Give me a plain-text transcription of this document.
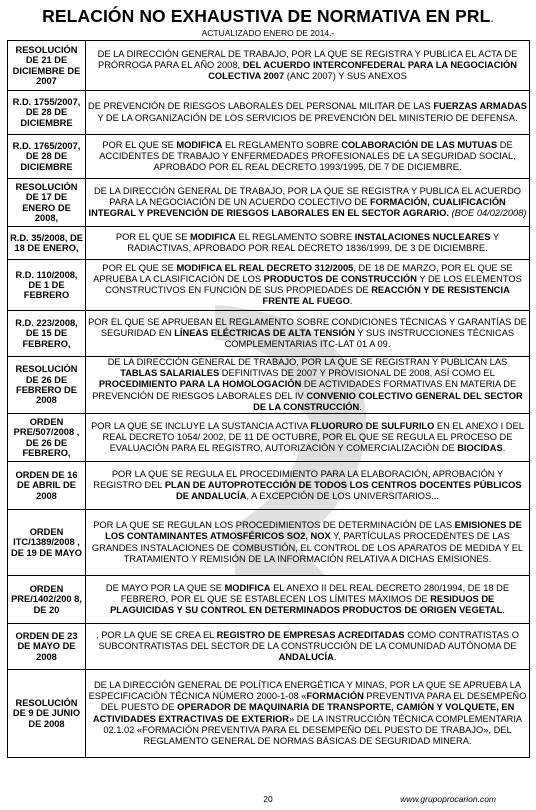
RELACIÓN NO EXHAUSTIVA DE NORMATIVA EN PRL.
ACTUALIZADO ENERO DE 2014.-
RESOLUCIÓN DE 21 DE DICIEMBRE DE 2007	DE LA DIRECCIÓN GENERAL DE TRABAJO, POR LA QUE SE REGISTRA Y PUBLICA EL ACTA DE PRÓRROGA PARA EL AÑO 2008, DEL ACUERDO INTERCONFEDERAL PARA LA NEGOCIACIÓN COLECTIVA 2007 (ANC 2007) Y SUS ANEXOS
R.D. 1755/2007, DE 28 DE DICIEMBRE	DE PREVENCIÓN DE RIESGOS LABORALES DEL PERSONAL MILITAR DE LAS FUERZAS ARMADAS Y DE LA ORGANIZACIÓN DE LOS SERVICIOS DE PREVENCIÓN DEL MINISTERIO DE DEFENSA.
R.D. 1765/2007, DE 28 DE DICIEMBRE	POR EL QUE SE MODIFICA EL REGLAMENTO SOBRE COLABORACIÓN DE LAS MUTUAS DE ACCIDENTES DE TRABAJO Y ENFERMEDADES PROFESIONALES DE LA SEGURIDAD SOCIAL, APROBADO POR EL REAL DECRETO 1993/1995, DE 7 DE DICIEMBRE.
RESOLUCIÓN DE 17 DE ENERO DE 2008,	DE LA DIRECCIÓN GENERAL DE TRABAJO, POR LA QUE SE REGISTRA Y PUBLICA EL ACUERDO PARA LA NEGOCIACIÓN DE UN ACUERDO COLECTIVO DE FORMACIÓN, CUALIFICACIÓN INTEGRAL Y PREVENCIÓN DE RIESGOS LABORALES EN EL SECTOR AGRARIO. (BOE 04/02/2008)
R.D. 35/2008, DE 18 DE ENERO,	POR EL QUE SE MODIFICA EL REGLAMENTO SOBRE INSTALACIONES NUCLEARES Y RADIACTIVAS, APROBADO POR REAL DECRETO 1836/1999, DE 3 DE DICIEMBRE.
R.D. 110/2008, DE 1 DE FEBRERO	POR EL QUE SE MODIFICA EL REAL DECRETO 312/2005, DE 18 DE MARZO, POR EL QUE SE APRUEBA LA CLASIFICACIÓN DE LOS PRODUCTOS DE CONSTRUCCIÓN Y DE LOS ELEMENTOS CONSTRUCTIVOS EN FUNCIÓN DE SUS PROPIEDADES DE REACCIÓN Y DE RESISTENCIA FRENTE AL FUEGO.
R.D. 223/2008, DE 15 DE FEBRERO,	POR EL QUE SE APRUEBAN EL REGLAMENTO SOBRE CONDICIONES TÉCNICAS Y GARANTÍAS DE SEGURIDAD EN LÍNEAS ELÉCTRICAS DE ALTA TENSIÓN Y SUS INSTRUCCIONES TÉCNICAS COMPLEMENTARIAS ITC-LAT 01 A 09.
RESOLUCIÓN DE 26 DE FEBRERO DE 2008	DE LA DIRECCIÓN GENERAL DE TRABAJO, POR LA QUE SE REGISTRAN Y PUBLICAN LAS TABLAS SALARIALES DEFINITIVAS DE 2007 Y PROVISIONAL DE 2008, ASÍ COMO EL PROCEDIMIENTO PARA LA HOMOLOGACIÓN DE ACTIVIDADES FORMATIVAS EN MATERIA DE PREVENCIÓN DE RIESGOS LABORALES DEL IV CONVENIO COLECTIVO GENERAL DEL SECTOR DE LA CONSTRUCCIÓN.
ORDEN PRE/507/2008 , DE 26 DE FEBRERO,	POR LA QUE SE INCLUYE LA SUSTANCIA ACTIVA FLUORURO DE SULFURILO EN EL ANEXO I DEL REAL DECRETO 1054/ 2002, DE 11 DE OCTUBRE, POR EL QUE SE REGULA EL PROCESO DE EVALUACIÓN PARA EL REGISTRO, AUTORIZACIÓN Y COMERCIALIZACIÓN DE BIOCIDAS.
ORDEN DE 16 DE ABRIL DE 2008	POR LA QUE SE REGULA EL PROCEDIMIENTO PARA LA ELABORACIÓN, APROBACIÓN Y REGISTRO DEL PLAN DE AUTOPROTECCIÓN DE TODOS LOS CENTROS DOCENTES PÚBLICOS DE ANDALUCÍA, A EXCEPCIÓN DE LOS UNIVERSITARIOS...
ORDEN ITC/1389/2008 , DE 19 DE MAYO	POR LA QUE SE REGULAN LOS PROCEDIMIENTOS DE DETERMINACIÓN DE LAS EMISIONES DE LOS CONTAMINANTES ATMOSFÉRICOS SO2, NOX Y, PARTÍCULAS PROCEDENTES DE LAS GRANDES INSTALACIONES DE COMBUSTIÓN, EL CONTROL DE LOS APARATOS DE MEDIDA Y EL TRATAMIENTO Y REMISIÓN DE LA INFORMACIÓN RELATIVA A DICHAS EMISIONES.
ORDEN PRE/1402/200 8, DE 20	DE MAYO POR LA QUE SE MODIFICA EL ANEXO II DEL REAL DECRETO 280/1994, DE 18 DE FEBRERO, POR EL QUE SE ESTABLECEN LOS LÍMITES MÁXIMOS DE RESIDUOS DE PLAGUICIDAS Y SU CONTROL EN DETERMINADOS PRODUCTOS DE ORIGEN VEGETAL.
ORDEN DE 23 DE MAYO DE 2008	, POR LA QUE SE CREA EL REGISTRO DE EMPRESAS ACREDITADAS COMO CONTRATISTAS O SUBCONTRATISTAS DEL SECTOR DE LA CONSTRUCCIÓN DE LA COMUNIDAD AUTÓNOMA DE ANDALUCÍA.
RESOLUCIÓN DE 9 DE JUNIO DE 2008	DE LA DIRECCIÓN GENERAL DE POLÍTICA ENERGÉTICA Y MINAS, POR LA QUE SE APRUEBA LA ESPECIFICACIÓN TÉCNICA NÚMERO 2000-1-08 «FORMACIÓN PREVENTIVA PARA EL DESEMPEÑO DEL PUESTO DE OPERADOR DE MAQUINARIA DE TRANSPORTE, CAMIÓN Y VOLQUETE, EN ACTIVIDADES EXTRACTIVAS DE EXTERIOR» DE LA INSTRUCCIÓN TÉCNICA COMPLEMENTARIA 02.1.02 «FORMACIÓN PREVENTIVA PARA EL DESEMPEÑO DEL PUESTO DE TRABAJO», DEL REGLAMENTO GENERAL DE NORMAS BÁSICAS DE SEGURIDAD MINERA.
20	www.grupoprocarion.com
